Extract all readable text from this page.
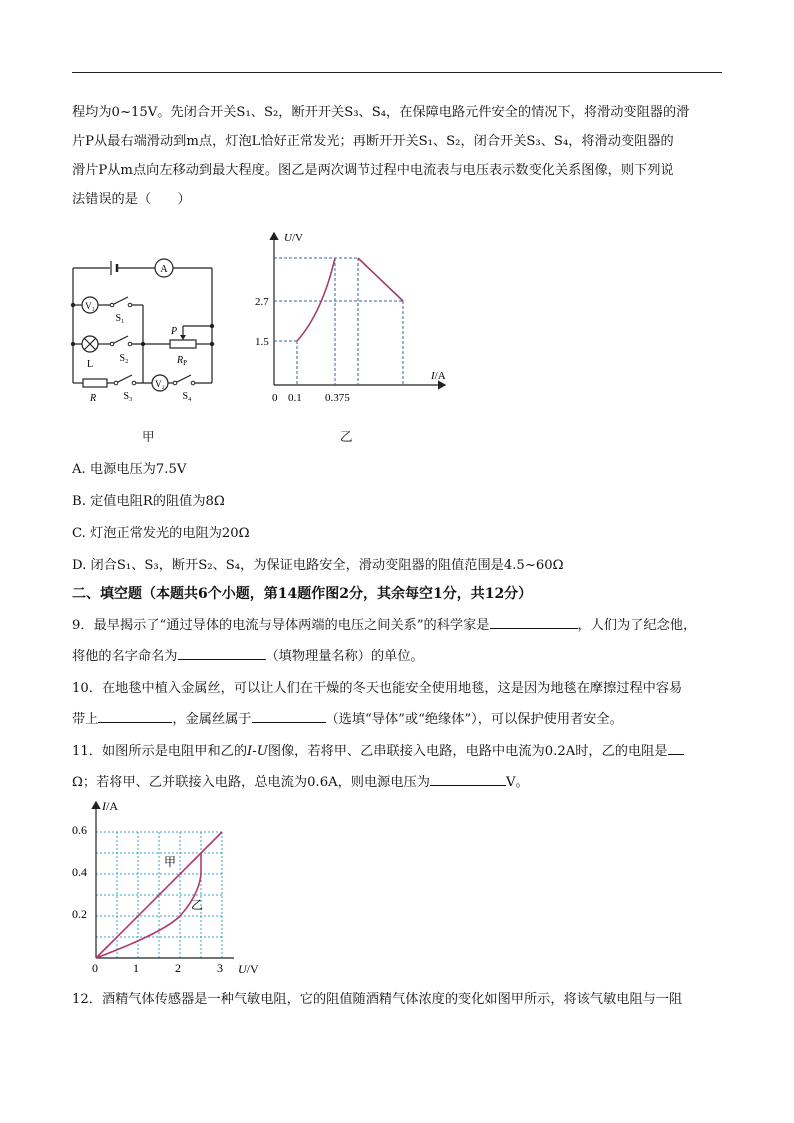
程均为0~15V。先闭合开关S₁、S₂，断开开关S₃、S₄，在保障电路元件安全的情况下，将滑动变阻器的滑
片P从最右端滑动到m点，灯泡L恰好正常发光；再断开开关S₁、S₂，闭合开关S₃、S₄，将滑动变阻器的
滑片P从m点向左移动到最大程度。图乙是两次调节过程中电流表与电压表示数变化关系图像，则下列说
法错误的是（　　）
A
V₁
V₂
S₁
L
S₂
P
$R_P$
R	S₃	S₄
甲
U/V
I/A
2.7
1.5
0 0.1 0.375
乙
A. 电源电压为7.5V
B. 定值电阻R的阻值为8Ω
C. 灯泡正常发光的电阻为20Ω
D. 闭合S₁、S₃，断开S₂、S₄，为保证电路安全，滑动变阻器的阻值范围是4.5~60Ω
二、填空题（本题共6个小题，第14题作图2分，其余每空1分，共12分）
9．最早揭示了“通过导体的电流与导体两端的电压之间关系”的科学家是	，人们为了纪念他，
将他的名字命名为	（填物理量名称）的单位。
10．在地毯中植入金属丝，可以让人们在干燥的冬天也能安全使用地毯，这是因为地毯在摩擦过程中容易
带上	，金属丝属于	（选填“导体”或“绝缘体”），可以保护使用者安全。
11．如图所示是电阻甲和乙的I-U图像，若将甲、乙串联接入电路，电路中电流为0.2A时，乙的电阻是
Ω；若将甲、乙并联接入电路，总电流为0.6A，则电源电压为	V。
I/A
U/V
0.6
0.4
0.2
0	1	2	3
甲
乙
12．酒精气体传感器是一种气敏电阻，它的阻值随酒精气体浓度的变化如图甲所示，将该气敏电阻与一阻
